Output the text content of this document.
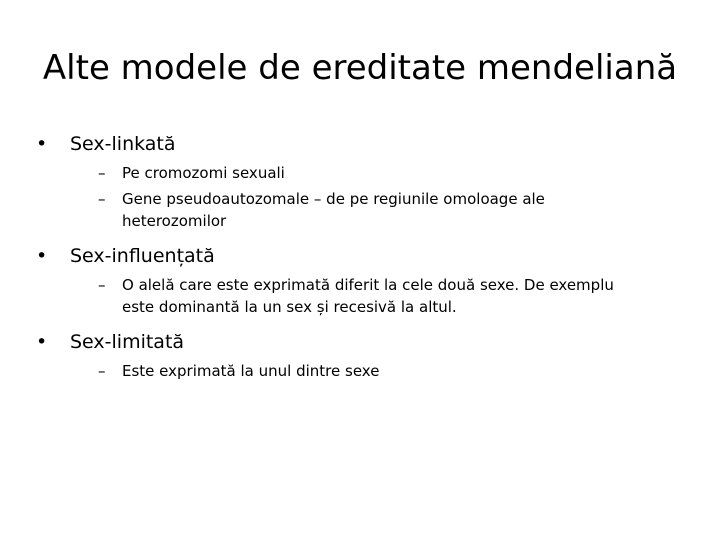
Alte modele de ereditate mendeliană
•	Sex-linkată
– Pe cromozomi sexuali
– Gene pseudoautozomale – de pe regiunile omoloage ale heterozomilor
•	Sex-influențată
– O alelă care este exprimată diferit la cele două sexe. De exemplu este dominantă la un sex și recesivă la altul.
•	Sex-limitată
– Este exprimată la unul dintre sexe
